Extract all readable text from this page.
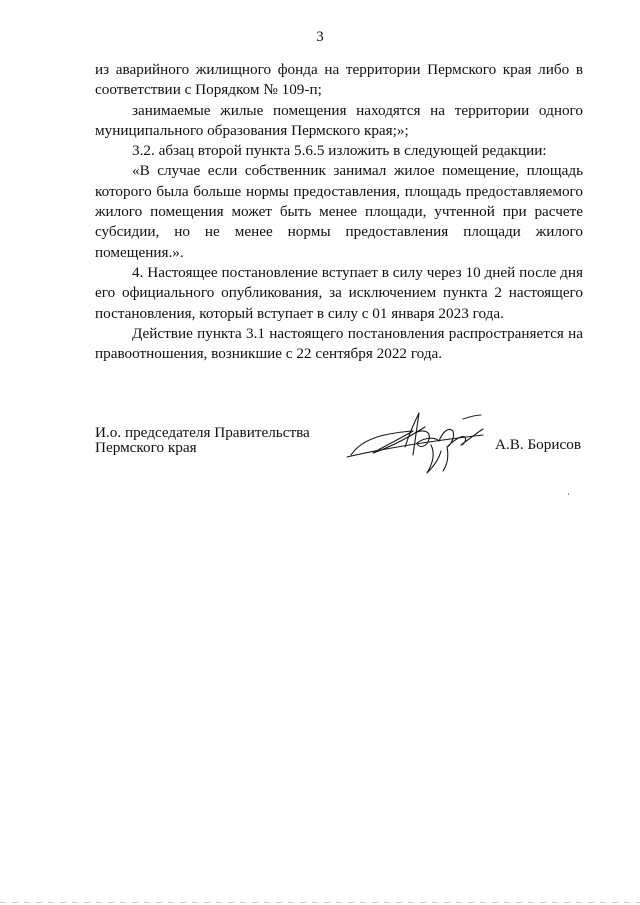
3

из аварийного жилищного фонда на территории Пермского края либо в соответствии с Порядком № 109-п;

занимаемые жилые помещения находятся на территории одного муниципального образования Пермского края;»;

3.2. абзац второй пункта 5.6.5 изложить в следующей редакции:

«В случае если собственник занимал жилое помещение, площадь которого была больше нормы предоставления, площадь предоставляемого жилого помещения может быть менее площади, учтенной при расчете субсидии, но не менее нормы предоставления площади жилого помещения.».

4. Настоящее постановление вступает в силу через 10 дней после дня его официального опубликования, за исключением пункта 2 настоящего постановления, который вступает в силу с 01 января 2023 года.

Действие пункта 3.1 настоящего постановления распространяется на правоотношения, возникшие с 22 сентября 2022 года.

И.о. председателя Правительства
Пермского края	А.В. Борисов
